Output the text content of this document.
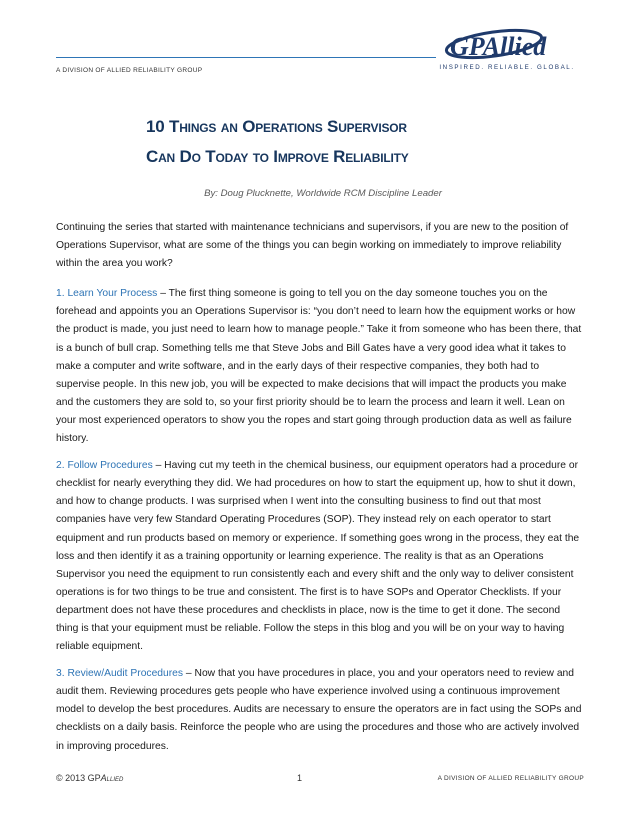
A DIVISION OF ALLIED RELIABILITY GROUP
GPAllied
INSPIRED. RELIABLE. GLOBAL.
10 Things an Operations Supervisor
Can Do Today to Improve Reliability
By: Doug Plucknette, Worldwide RCM Discipline Leader

Continuing the series that started with maintenance technicians and supervisors, if you are new to the position of Operations Supervisor, what are some of the things you can begin working on immediately to improve reliability within the area you work?

1. Learn Your Process – The first thing someone is going to tell you on the day someone touches you on the forehead and appoints you an Operations Supervisor is: “you don’t need to learn how the equipment works or how the product is made, you just need to learn how to manage people.” Take it from someone who has been there, that is a bunch of bull crap. Something tells me that Steve Jobs and Bill Gates have a very good idea what it takes to make a computer and write software, and in the early days of their respective companies, they both had to supervise people. In this new job, you will be expected to make decisions that will impact the products you make and the customers they are sold to, so your first priority should be to learn the process and learn it well. Lean on your most experienced operators to show you the ropes and start going through production data as well as failure history.

2. Follow Procedures – Having cut my teeth in the chemical business, our equipment operators had a procedure or checklist for nearly everything they did. We had procedures on how to start the equipment up, how to shut it down, and how to change products. I was surprised when I went into the consulting business to find out that most companies have very few Standard Operating Procedures (SOP). They instead rely on each operator to start equipment and run products based on memory or experience. If something goes wrong in the process, they eat the loss and then identify it as a training opportunity or learning experience. The reality is that as an Operations Supervisor you need the equipment to run consistently each and every shift and the only way to deliver consistent operations is for two things to be true and consistent. The first is to have SOPs and Operator Checklists. If your department does not have these procedures and checklists in place, now is the time to get it done. The second thing is that your equipment must be reliable. Follow the steps in this blog and you will be on your way to having reliable equipment.

3. Review/Audit Procedures – Now that you have procedures in place, you and your operators need to review and audit them. Reviewing procedures gets people who have experience involved using a continuous improvement model to develop the best procedures. Audits are necessary to ensure the operators are in fact using the SOPs and checklists on a daily basis. Reinforce the people who are using the procedures and those who are actively involved in improving procedures.

© 2013 GPAllied	1	A DIVISION OF ALLIED RELIABILITY GROUP
